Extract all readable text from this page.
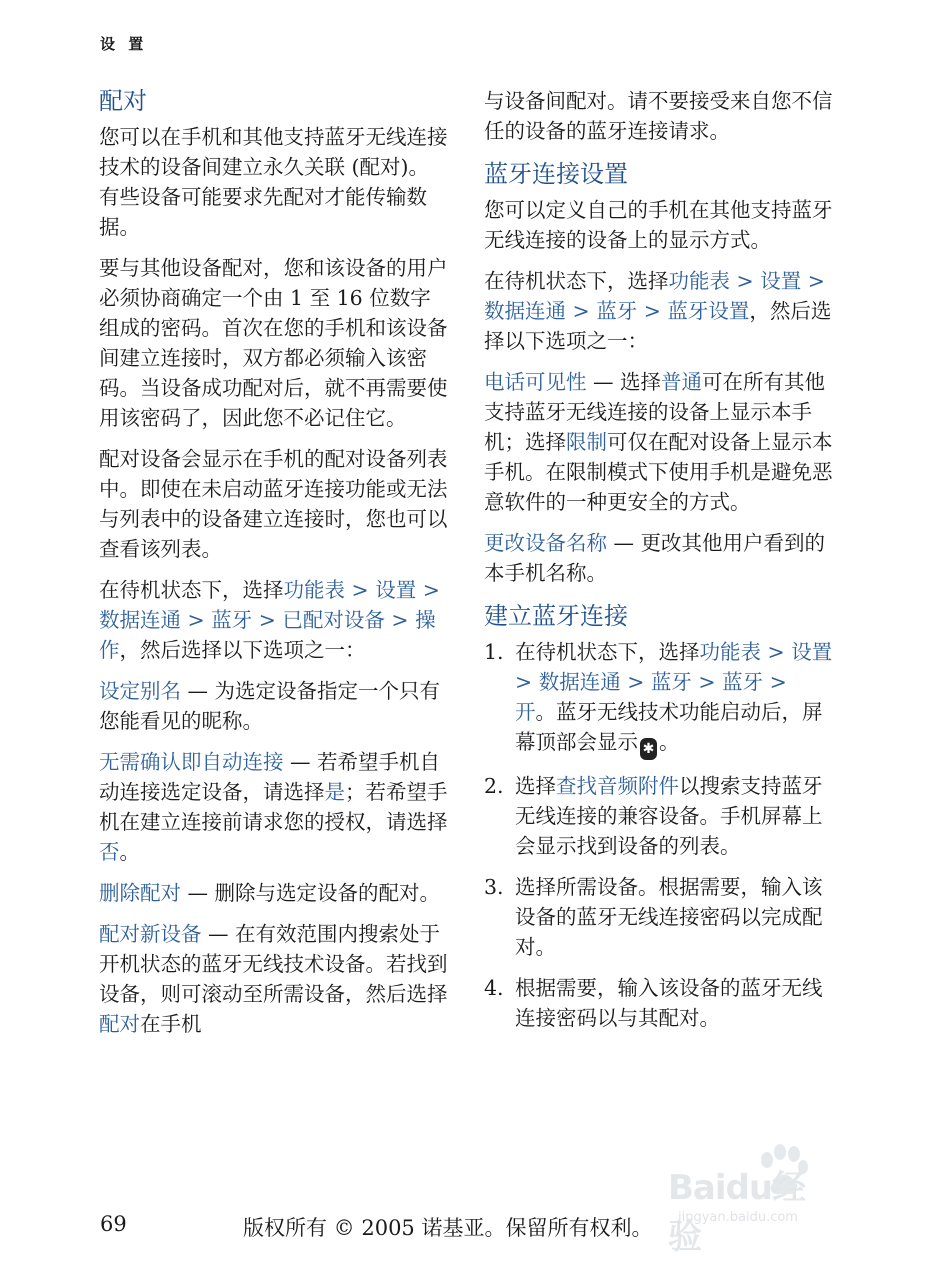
设 置
配对

您可以在手机和其他支持蓝牙无线连接技术的设备间建立永久关联 (配对)。有些设备可能要求先配对才能传输数据。

要与其他设备配对，您和该设备的用户必须协商确定一个由 1 至 16 位数字组成的密码。首次在您的手机和该设备间建立连接时，双方都必须输入该密码。当设备成功配对后，就不再需要使用该密码了，因此您不必记住它。

配对设备会显示在手机的配对设备列表中。即使在未启动蓝牙连接功能或无法与列表中的设备建立连接时，您也可以查看该列表。

在待机状态下，选择功能表 > 设置 > 数据连通 > 蓝牙 > 已配对设备 > 操作，然后选择以下选项之一：

设定别名 — 为选定设备指定一个只有您能看见的昵称。

无需确认即自动连接 — 若希望手机自动连接选定设备，请选择是；若希望手机在建立连接前请求您的授权，请选择否。

删除配对 — 删除与选定设备的配对。

配对新设备 — 在有效范围内搜索处于开机状态的蓝牙无线技术设备。若找到设备，则可滚动至所需设备，然后选择配对在手机

与设备间配对。请不要接受来自您不信任的设备的蓝牙连接请求。

蓝牙连接设置

您可以定义自己的手机在其他支持蓝牙无线连接的设备上的显示方式。

在待机状态下，选择功能表 > 设置 > 数据连通 > 蓝牙 > 蓝牙设置，然后选择以下选项之一：

电话可见性 — 选择普通可在所有其他支持蓝牙无线连接的设备上显示本手机；选择限制可仅在配对设备上显示本手机。在限制模式下使用手机是避免恶意软件的一种更安全的方式。

更改设备名称 — 更改其他用户看到的本手机名称。

建立蓝牙连接
1. 在待机状态下，选择功能表 > 设置 > 数据连通 > 蓝牙 > 蓝牙 > 开。蓝牙无线技术功能启动后，屏幕顶部会显示 ✱ 。
2. 选择查找音频附件以搜索支持蓝牙无线连接的兼容设备。手机屏幕上会显示找到设备的列表。
3. 选择所需设备。根据需要，输入该设备的蓝牙无线连接密码以完成配对。
4. 根据需要，输入该设备的蓝牙无线连接密码以与其配对。
Baidu经验
jingyan.baidu.com
69	版权所有 © 2005 诺基亚。保留所有权利。
